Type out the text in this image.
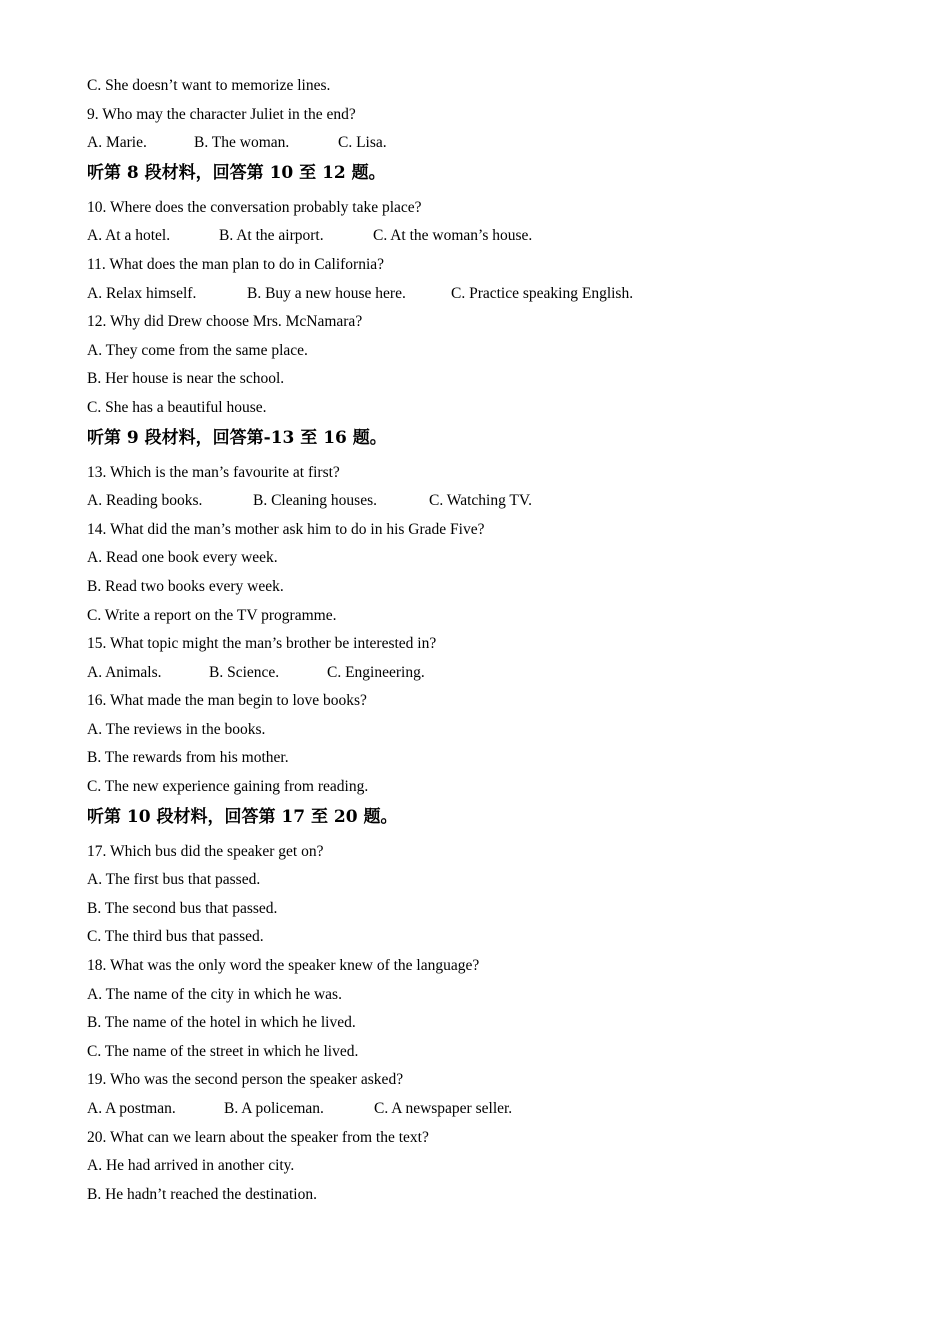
C. She doesn’t want to memorize lines.
9. Who may the character Juliet in the end?
A. Marie.	B. The woman.	C. Lisa.
听第 8 段材料，回答第 10 至 12 题。
10. Where does the conversation probably take place?
A. At a hotel.	B. At the airport.	C. At the woman’s house.
11. What does the man plan to do in California?
A. Relax himself.	B. Buy a new house here.	C. Practice speaking English.
12. Why did Drew choose Mrs. McNamara?
A. They come from the same place.
B. Her house is near the school.
C. She has a beautiful house.
听第 9 段材料，回答第-13 至 16 题。
13. Which is the man’s favourite at first?
A. Reading books.	B. Cleaning houses.	C. Watching TV.
14. What did the man’s mother ask him to do in his Grade Five?
A. Read one book every week.
B. Read two books every week.
C. Write a report on the TV programme.
15. What topic might the man’s brother be interested in?
A. Animals.	B. Science.	C. Engineering.
16. What made the man begin to love books?
A. The reviews in the books.
B. The rewards from his mother.
C. The new experience gaining from reading.
听第 10 段材料，回答第 17 至 20 题。
17. Which bus did the speaker get on?
A. The first bus that passed.
B. The second bus that passed.
C. The third bus that passed.
18. What was the only word the speaker knew of the language?
A. The name of the city in which he was.
B. The name of the hotel in which he lived.
C. The name of the street in which he lived.
19. Who was the second person the speaker asked?
A. A postman.	B. A policeman.	C. A newspaper seller.
20. What can we learn about the speaker from the text?
A. He had arrived in another city.
B. He hadn’t reached the destination.
